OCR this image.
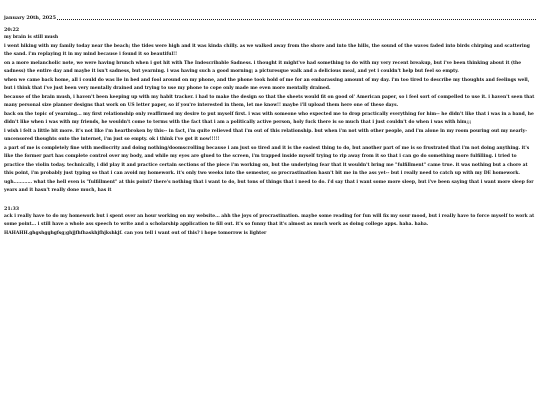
january 20th, 2025
20:22

my brain is still mush

i went hiking with my family today near the beach; the tides were high and it was kinda chilly. as we walked away from the shore and into the hills, the sound of the waves faded into birds chirping and scattering the sand. i'm replaying it in my mind because i found it so beautiful!!

on a more melancholic note, we were having brunch when i got hit with The Indescribable Sadness. i thought it might've had something to do with my very recent breakup, but i've been thinking about it (the sadness) the entire day and maybe it isn't sadness, but yearning. i was having such a good morning; a picturesque walk and a delicious meal, and yet i couldn't help but feel so empty.

when we came back home, all i could do was lie in bed and fool around on my phone, and the phone took hold of me for an embarassing amount of my day. i'm too tired to describe my thoughts and feelings well, but i think that i've just been very mentally drained and trying to use my phone to cope only made me even more mentally drained.

because of the brain mush, i haven't been keeping up with my habit tracker. i had to make the design so that the sheets would fit on good ol' American paper, so i feel sort of compelled to use it. i haven't seen that many personal size planner designs that work on US letter paper, so if you're interested in them, let me know!! maybe i'll upload them here one of these days.

back on the topic of yearning... my first relationship only reaffirmed my desire to put myself first. i was with someone who expected me to drop practically everything for him-- he didn't like that i was in a band, he didn't like when i was with my friends, he wouldn't come to terms with the fact that i am a politically active person, holy fuck there is so much that i just couldn't do when i was with him;;;

i wish i felt a little bit more. it's not like i'm heartbroken by this-- in fact, i'm quite relieved that i'm out of this relationship. but when i'm not with other people, and i'm alone in my room pouring out my nearly-uncensored thoughts onto the internet, i'm just so empty. ok i think i've got it now!!!!!

a part of me is completely fine with mediocrity and doing nothing/doomscrolling because i am just so tired and it is the easiest thing to do, but another part of me is so frustrated that i'm not doing anything. it's like the former part has complete control over my body, and while my eyes are glued to the screen, i'm trapped inside myself trying to rip away from it so that i can go do something more fulfilling. i tried to practice the violin today. technically, i did play it and practice certain sections of the piece i'm working on, but the underlying fear that it wouldn't bring me "fulfillment" came true. it was nothing but a chore at this point, i'm probably just typing so that i can avoid my homework. it's only two weeks into the semester, so procrastination hasn't bit me in the ass yet-- but i really need to catch up with my DE homework. ugh............ what the hell even is "fulfillment" at this point? there's nothing that i want to do, but tons of things that i need to do. i'd say that i want some more sleep, but i've been saying that i want more sleep for years and it hasn't really done much, has it

21:33

ack i really have to do my homework but i spent over an hour working on my website... ahh the joys of procrastination. maybe some reading for fun will fix my sour mood, but i really have to force myself to work at some point... i still have a whole ass speech to write and a scholarship application to fill out. it's so funny that it's almost as much work as doing college apps. haha. haha. HAHAHH.ghgshgghgfsg;ghjjfhfhaskhjfhjkshkjf. can you tell i want out of this? i hope tomorrow is lighter
